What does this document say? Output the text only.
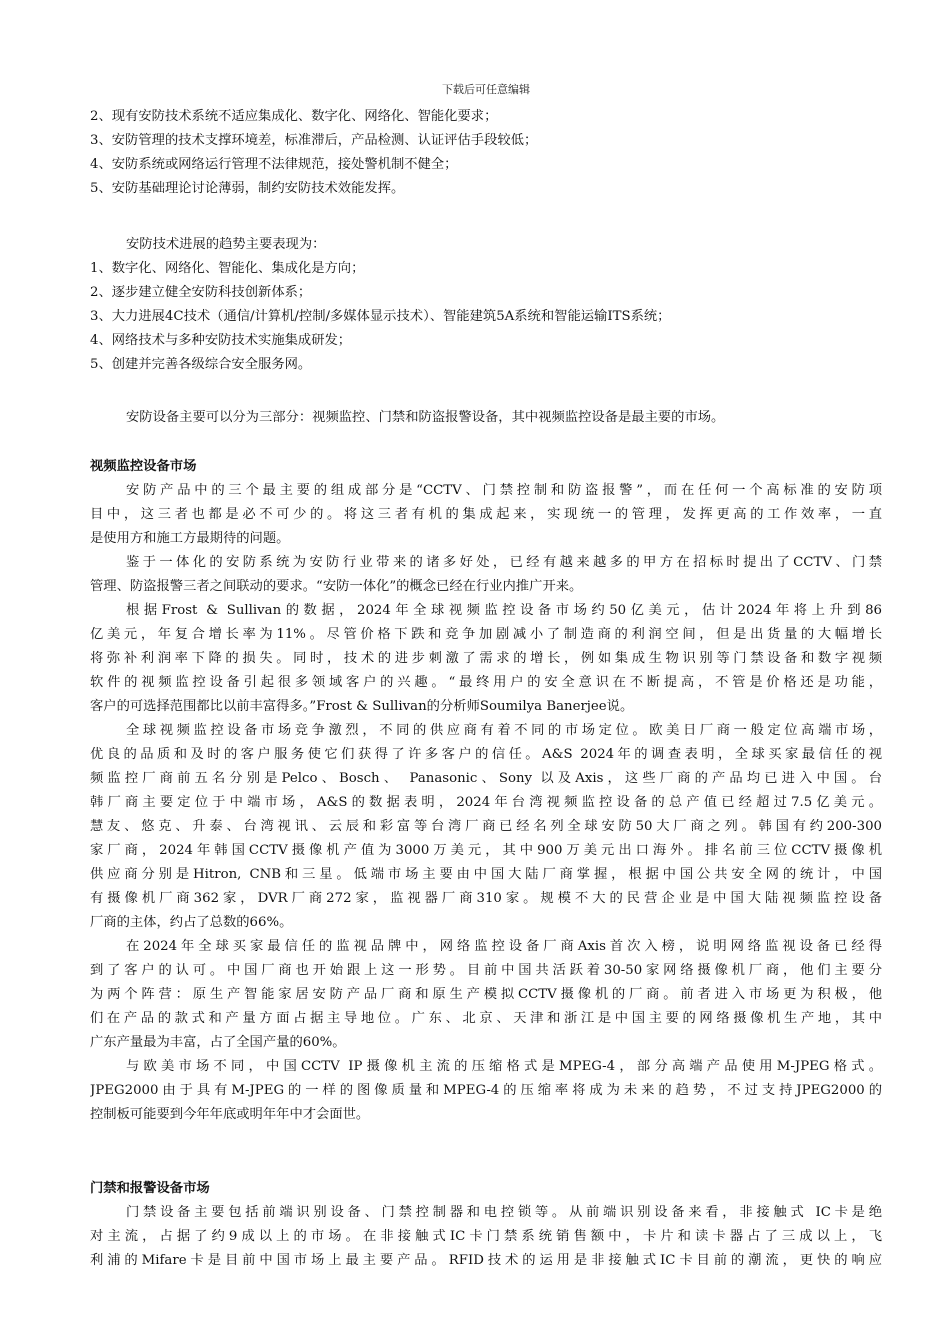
下载后可任意编辑
2、现有安防技术系统不适应集成化、数字化、网络化、智能化要求；
3、安防管理的技术支撑环境差，标准滞后，产品检测、认证评估手段较低；
4、安防系统或网络运行管理不法律规范，接处警机制不健全；
5、安防基础理论讨论薄弱，制约安防技术效能发挥。
安防技术进展的趋势主要表现为：
1、数字化、网络化、智能化、集成化是方向；
2、逐步建立健全安防科技创新体系；
3、大力进展4C技术（通信/计算机/控制/多媒体显示技术）、智能建筑5A系统和智能运输ITS系统；
4、网络技术与多种安防技术实施集成研发；
5、创建并完善各级综合安全服务网。
安防设备主要可以分为三部分：视频监控、门禁和防盗报警设备，其中视频监控设备是最主要的市场。
视频监控设备市场
安防产品中的三个最主要的组成部分是“CCTV、门禁控制和防盗报警”，而在任何一个高标准的安防项
目中，这三者也都是必不可少的。将这三者有机的集成起来，实现统一的管理，发挥更高的工作效率，一直
是使用方和施工方最期待的问题。
鉴于一体化的安防系统为安防行业带来的诸多好处，已经有越来越多的甲方在招标时提出了CCTV、门禁
管理、防盗报警三者之间联动的要求。“安防一体化”的概念已经在行业内推广开来。
根据Frost & Sullivan的数据，2024年全球视频监控设备市场约50亿美元，估计2024年将上升到86
亿美元，年复合增长率为11%。尽管价格下跌和竞争加剧减小了制造商的利润空间，但是出货量的大幅增长
将弥补利润率下降的损失。同时，技术的进步刺激了需求的增长，例如集成生物识别等门禁设备和数字视频
软件的视频监控设备引起很多领域客户的兴趣。“最终用户的安全意识在不断提高，不管是价格还是功能，
客户的可选择范围都比以前丰富得多。”Frost & Sullivan的分析师Soumilya Banerjee说。
全球视频监控设备市场竞争激烈，不同的供应商有着不同的市场定位。欧美日厂商一般定位高端市场，
优良的品质和及时的客户服务使它们获得了许多客户的信任。A&S 2024年的调查表明，全球买家最信任的视
频监控厂商前五名分别是Pelco、Bosch、 Panasonic、Sony 以及Axis，这些厂商的产品均已进入中国。台
韩厂商主要定位于中端市场，A&S的数据表明，2024年台湾视频监控设备的总产值已经超过7.5亿美元。
慧友、悠克、升泰、台湾视讯、云辰和彩富等台湾厂商已经名列全球安防50大厂商之列。韩国有约200-300
家厂商，2024年韩国CCTV摄像机产值为3000万美元，其中900万美元出口海外。排名前三位CCTV摄像机
供应商分别是Hitron, CNB和三星。低端市场主要由中国大陆厂商掌握，根据中国公共安全网的统计，中国
有摄像机厂商362家，DVR厂商272家，监视器厂商310家。规模不大的民营企业是中国大陆视频监控设备
厂商的主体，约占了总数的66%。
在2024年全球买家最信任的监视品牌中，网络监控设备厂商Axis首次入榜，说明网络监视设备已经得
到了客户的认可。中国厂商也开始跟上这一形势。目前中国共活跃着30-50家网络摄像机厂商，他们主要分
为两个阵营：原生产智能家居安防产品厂商和原生产模拟CCTV摄像机的厂商。前者进入市场更为积极，他
们在产品的款式和产量方面占据主导地位。广东、北京、天津和浙江是中国主要的网络摄像机生产地，其中
广东产量最为丰富，占了全国产量的60%。
与欧美市场不同，中国CCTV IP摄像机主流的压缩格式是MPEG-4，部分高端产品使用M-JPEG格式。
JPEG2000由于具有M-JPEG的一样的图像质量和MPEG-4的压缩率将成为未来的趋势，不过支持JPEG2000的
控制板可能要到今年年底或明年年中才会面世。
门禁和报警设备市场
门禁设备主要包括前端识别设备、门禁控制器和电控锁等。从前端识别设备来看，非接触式 IC卡是绝
对主流，占据了约9成以上的市场。在非接触式IC卡门禁系统销售额中，卡片和读卡器占了三成以上，飞
利浦的Mifare卡是目前中国市场上最主要产品。RFID技术的运用是非接触式IC卡目前的潮流，更快的响应
